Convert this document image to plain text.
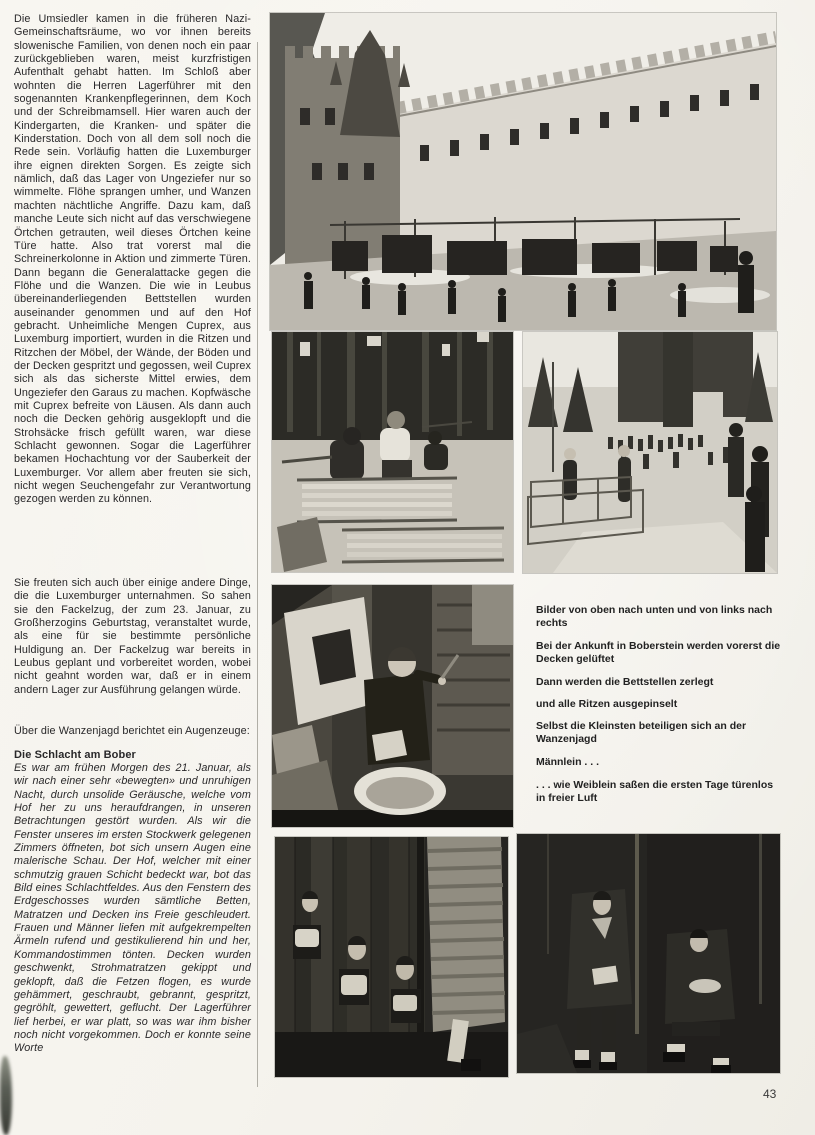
Die Umsiedler kamen in die früheren Nazi-Gemeinschaftsräume, wo vor ihnen bereits slowenische Familien, von denen noch ein paar zurückgeblieben waren, meist kurzfristigen Aufenthalt gehabt hatten. Im Schloß aber wohnten die Herren Lagerführer mit den sogenannten Krankenpflegerinnen, dem Koch und der Schreibmamsell. Hier waren auch der Kindergarten, die Kranken- und später die Kinderstation. Doch von all dem soll noch die Rede sein. Vorläufig hatten die Luxemburger ihre eignen direkten Sorgen. Es zeigte sich nämlich, daß das Lager von Ungeziefer nur so wimmelte. Flöhe sprangen umher, und Wanzen machten nächtliche Angriffe. Dazu kam, daß manche Leute sich nicht auf das verschwiegene Örtchen getrauten, weil dieses Örtchen keine Türe hatte. Also trat vorerst mal die Schreinerkolonne in Aktion und zimmerte Türen. Dann begann die Generalattacke gegen die Flöhe und die Wanzen. Die wie in Leubus übereinanderliegenden Bettstellen wurden auseinander genommen und auf den Hof gebracht. Unheimliche Mengen Cuprex, aus Luxemburg importiert, wurden in die Ritzen und Ritzchen der Möbel, der Wände, der Böden und der Decken gespritzt und gegossen, weil Cuprex sich als das sicherste Mittel erwies, dem Ungeziefer den Garaus zu machen. Kopfwäsche mit Cuprex befreite von Läusen. Als dann auch noch die Decken gehörig ausgeklopft und die Strohsäcke frisch gefüllt waren, war diese Schlacht gewonnen. Sogar die Lagerführer bekamen Hochachtung vor der Sauberkeit der Luxemburger. Vor allem aber freuten sie sich, nicht wegen Seuchengefahr zur Verantwortung gezogen werden zu können.

Sie freuten sich auch über einige andere Dinge, die die Luxemburger unternahmen. So sahen sie den Fackelzug, der zum 23. Januar, zu Großherzogins Geburtstag, veranstaltet wurde, als eine für sie bestimmte persönliche Huldigung an. Der Fackelzug war bereits in Leubus geplant und vorbereitet worden, wobei nicht geahnt worden war, daß er in einem andern Lager zur Ausführung gelangen würde.

Über die Wanzenjagd berichtet ein Augenzeuge:

Die Schlacht am Bober

Es war am frühen Morgen des 21. Januar, als wir nach einer sehr «bewegten» und unruhigen Nacht, durch unsolide Geräusche, welche vom Hof her zu uns heraufdrangen, in unseren Betrachtungen gestört wurden. Als wir die Fenster unseres im ersten Stockwerk gelegenen Zimmers öffneten, bot sich unsern Augen eine malerische Schau. Der Hof, welcher mit einer schmutzig grauen Schicht bedeckt war, bot das Bild eines Schlachtfeldes. Aus den Fenstern des Erdgeschosses wurden sämtliche Betten, Matratzen und Decken ins Freie geschleudert. Frauen und Männer liefen mit aufgekrempelten Ärmeln rufend und gestikulierend hin und her, Kommandostimmen tönten. Decken wurden geschwenkt, Strohmatratzen gekippt und geklopft, daß die Fetzen flogen, es wurde gehämmert, geschraubt, gebrannt, gespritzt, gegröhlt, gewettert, geflucht. Der Lagerführer lief herbei, er war platt, so was war ihm bisher noch nicht vorgekommen. Doch er konnte seine Worte

Bilder von oben nach unten und von links nach rechts

Bei der Ankunft in Boberstein werden vorerst die Decken gelüftet

Dann werden die Bettstellen zerlegt

und alle Ritzen ausgepinselt

Selbst die Kleinsten beteiligen sich an der Wanzenjagd

Männlein . . .

. . . wie Weiblein saßen die ersten Tage türenlos in freier Luft

43
